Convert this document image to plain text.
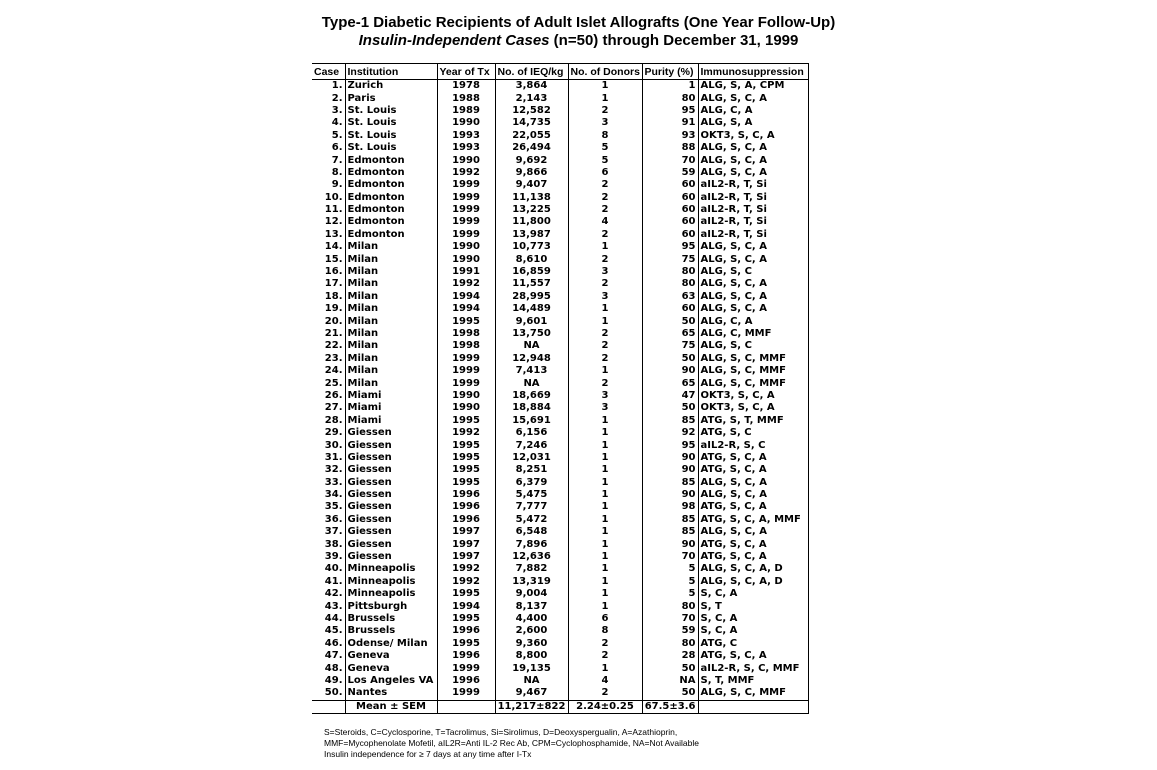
Type-1 Diabetic Recipients of Adult Islet Allografts (One Year Follow-Up)
Insulin-Independent Cases (n=50) through December 31, 1999
Case	Institution	Year of Tx	No. of IEQ/kg	No. of Donors	Purity (%)	Immunosuppression
1.	Zurich	1978	3,864	1	1	ALG, S, A, CPM
2.	Paris	1988	2,143	1	80	ALG, S, C, A
3.	St. Louis	1989	12,582	2	95	ALG, C, A
4.	St. Louis	1990	14,735	3	91	ALG, S, A
5.	St. Louis	1993	22,055	8	93	OKT3, S, C, A
6.	St. Louis	1993	26,494	5	88	ALG, S, C, A
7.	Edmonton	1990	9,692	5	70	ALG, S, C, A
8.	Edmonton	1992	9,866	6	59	ALG, S, C, A
9.	Edmonton	1999	9,407	2	60	aIL2-R, T, Si
10.	Edmonton	1999	11,138	2	60	aIL2-R, T, Si
11.	Edmonton	1999	13,225	2	60	aIL2-R, T, Si
12.	Edmonton	1999	11,800	4	60	aIL2-R, T, Si
13.	Edmonton	1999	13,987	2	60	aIL2-R, T, Si
14.	Milan	1990	10,773	1	95	ALG, S, C, A
15.	Milan	1990	8,610	2	75	ALG, S, C, A
16.	Milan	1991	16,859	3	80	ALG, S, C
17.	Milan	1992	11,557	2	80	ALG, S, C, A
18.	Milan	1994	28,995	3	63	ALG, S, C, A
19.	Milan	1994	14,489	1	60	ALG, S, C, A
20.	Milan	1995	9,601	1	50	ALG, C, A
21.	Milan	1998	13,750	2	65	ALG, C, MMF
22.	Milan	1998	NA	2	75	ALG, S, C
23.	Milan	1999	12,948	2	50	ALG, S, C, MMF
24.	Milan	1999	7,413	1	90	ALG, S, C, MMF
25.	Milan	1999	NA	2	65	ALG, S, C, MMF
26.	Miami	1990	18,669	3	47	OKT3, S, C, A
27.	Miami	1990	18,884	3	50	OKT3, S, C, A
28.	Miami	1995	15,691	1	85	ATG, S, T, MMF
29.	Giessen	1992	6,156	1	92	ATG, S, C
30.	Giessen	1995	7,246	1	95	aIL2-R, S, C
31.	Giessen	1995	12,031	1	90	ATG, S, C, A
32.	Giessen	1995	8,251	1	90	ATG, S, C, A
33.	Giessen	1995	6,379	1	85	ALG, S, C, A
34.	Giessen	1996	5,475	1	90	ALG, S, C, A
35.	Giessen	1996	7,777	1	98	ATG, S, C, A
36.	Giessen	1996	5,472	1	85	ATG, S, C, A, MMF
37.	Giessen	1997	6,548	1	85	ALG, S, C, A
38.	Giessen	1997	7,896	1	90	ATG, S, C, A
39.	Giessen	1997	12,636	1	70	ATG, S, C, A
40.	Minneapolis	1992	7,882	1	5	ALG, S, C, A, D
41.	Minneapolis	1992	13,319	1	5	ALG, S, C, A, D
42.	Minneapolis	1995	9,004	1	5	S, C, A
43.	Pittsburgh	1994	8,137	1	80	S, T
44.	Brussels	1995	4,400	6	70	S, C, A
45.	Brussels	1996	2,600	8	59	S, C, A
46.	Odense/ Milan	1995	9,360	2	80	ATG, C
47.	Geneva	1996	8,800	2	28	ATG, S, C, A
48.	Geneva	1999	19,135	1	50	aIL2-R, S, C, MMF
49.	Los Angeles VA	1996	NA	4	NA	S, T, MMF
50.	Nantes	1999	9,467	2	50	ALG, S, C, MMF
	Mean ± SEM		11,217±822	2.24±0.25	67.5±3.6	
S=Steroids, C=Cyclosporine, T=Tacrolimus, Si=Sirolimus, D=Deoxyspergualin, A=Azathioprin,
MMF=Mycophenolate Mofetil, aIL2R=Anti IL-2 Rec Ab, CPM=Cyclophosphamide, NA=Not Available
Insulin independence for ≥ 7 days at any time after I-Tx
